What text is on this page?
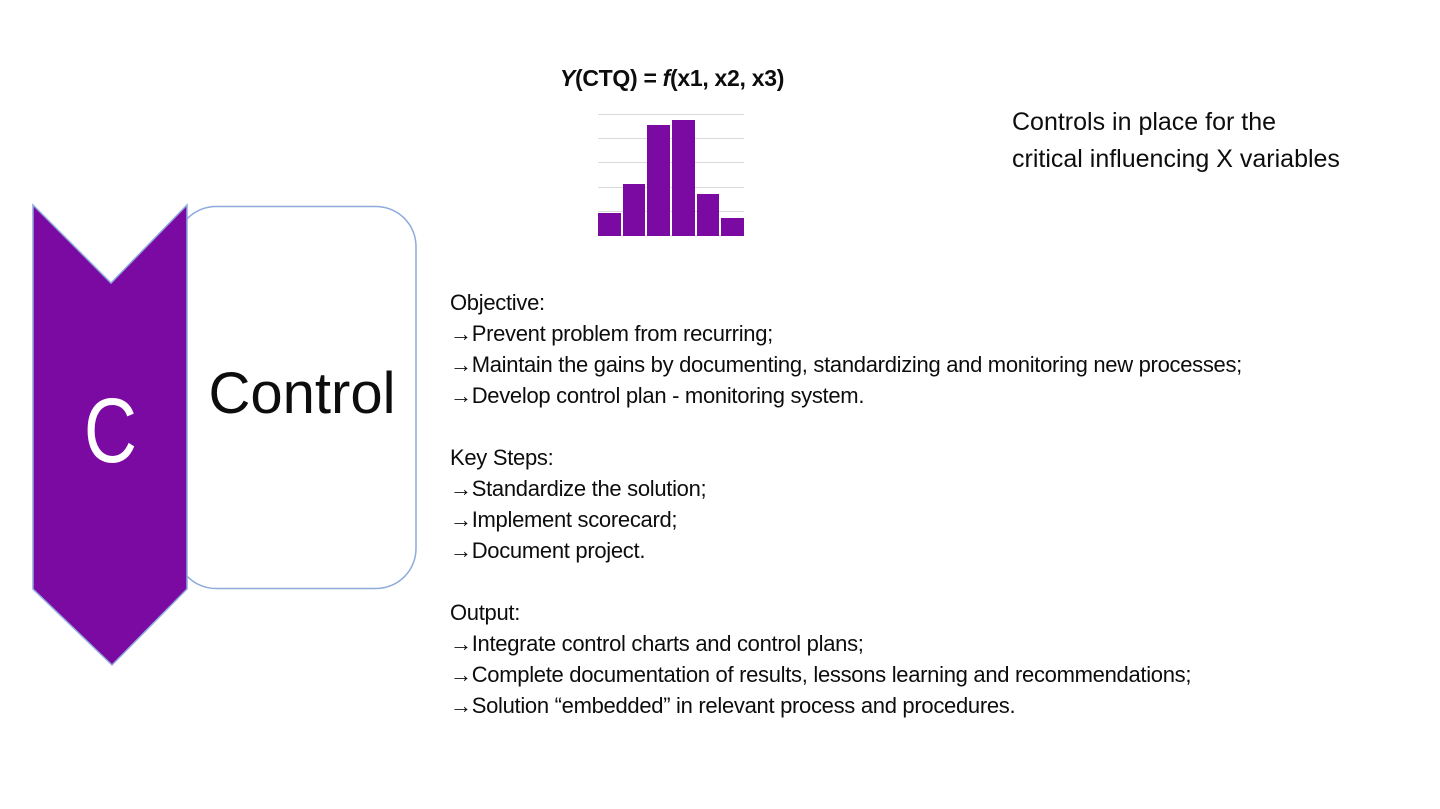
C	Control
Y(CTQ) = f(x1, x2, x3)
Controls in place for the
critical influencing X variables
Objective:
→Prevent problem from recurring;
→Maintain the gains by documenting, standardizing and monitoring new processes;
→Develop control plan - monitoring system.
Key Steps:
→Standardize the solution;
→Implement scorecard;
→Document project.
Output:
→Integrate control charts and control plans;
→Complete documentation of results, lessons learning and recommendations;
→Solution “embedded” in relevant process and procedures.
